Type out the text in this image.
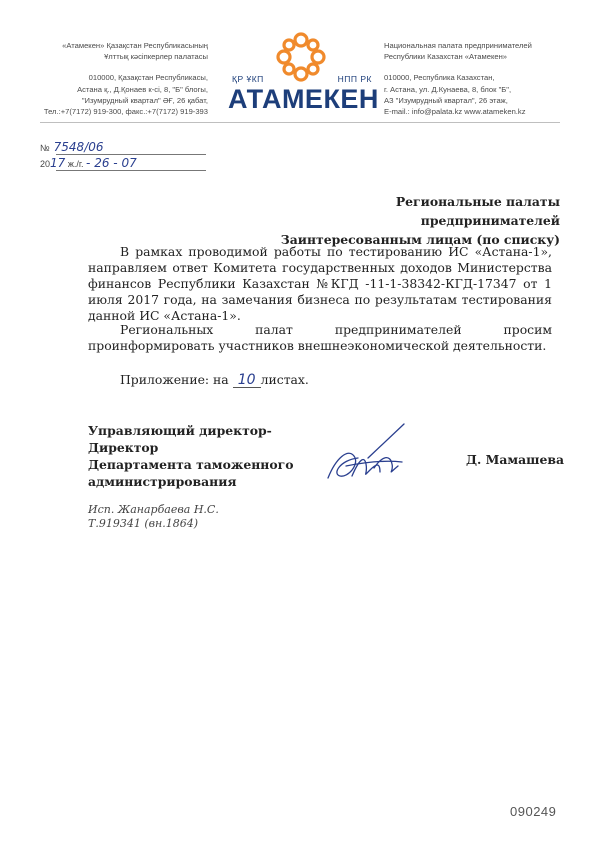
«Атамекен» Қазақстан Республикасының
Ұлттық кәсіпкерлер палатасы
010000, Қазақстан Республикасы,
Астана қ., Д.Қонаев к-сі, 8, "Б" блогы,
"Изумрудный квартал" ӘҒ, 26 қабат,
Тел.:+7(7172) 919-300, факс.:+7(7172) 919-393
ҚР ҰКП	НПП РК
АТАМЕКЕН
Национальная палата предпринимателей
Республики Казахстан «Атамекен»
010000, Республика Казахстан,
г. Астана, ул. Д.Кунаева, 8, блок "Б",
АЗ "Изумрудный квартал", 26 этаж,
E-mail.: info@palata.kz www.atameken.kz
№ 7548/06
2017 ж./г. - 26 - 07
Региональные палаты предпринимателей
Заинтересованным лицам (по списку)
В рамках проводимой работы по тестированию ИС «Астана-1», направляем ответ Комитета государственных доходов Министерства финансов Республики Казахстан №КГД -11-1-38342-КГД-17347 от 1 июля 2017 года, на замечания бизнеса по результатам тестирования данной ИС «Астана-1».
Региональных палат предпринимателей просим проинформировать участников внешнеэкономической деятельности.
Приложение: на 10 листах.
Управляющий директор- Директор
Департамента таможенного
администрирования
Д. Мамашева
Исп. Жанарбаева Н.С.
Т.919341 (вн.1864)
090249
